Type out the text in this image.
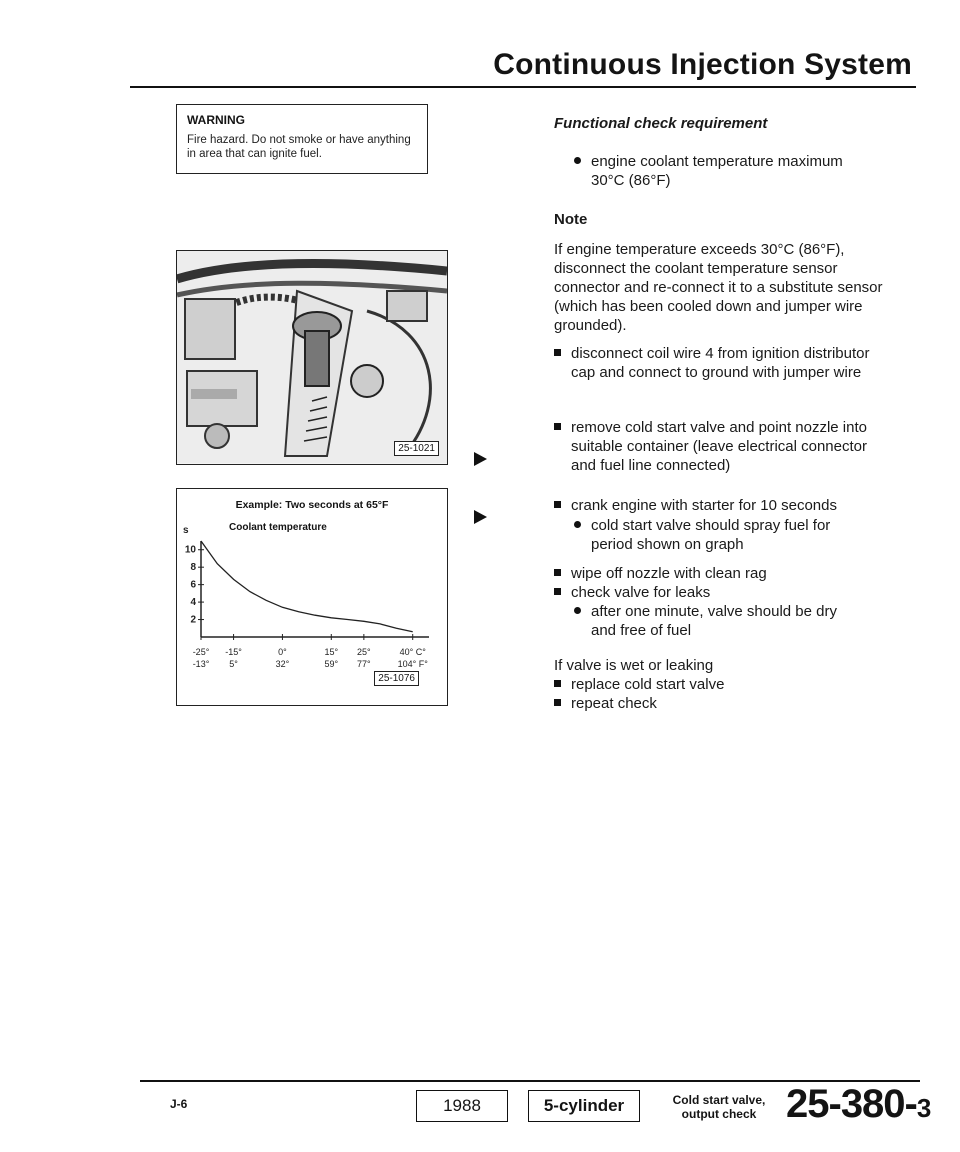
Continuous Injection System
WARNING
Fire hazard. Do not smoke or have anything in area that can ignite fuel.
25-1021
Example: Two seconds at 65°F
Coolant temperature
s
10
8
6
4
2
-25°
-13°
-15°
5°
0°
32°
15°
59°
25°
77°
40° C°
104° F°
25-1076
Functional check requirement
engine coolant temperature maximum 30°C (86°F)
Note
If engine temperature exceeds 30°C (86°F), disconnect the coolant temperature sensor connector and re-connect it to a substitute sensor (which has been cooled down and jumper wire grounded).
disconnect coil wire 4 from ignition distributor cap and connect to ground with jumper wire
remove cold start valve and point nozzle into suitable container (leave electrical connector and fuel line connected)
crank engine with starter for 10 seconds
cold start valve should spray fuel for period shown on graph
wipe off nozzle with clean rag
check valve for leaks
after one minute, valve should be dry and free of fuel
If valve is wet or leaking
replace cold start valve
repeat check
J-6	1988	5-cylinder	Cold start valve,
output check 25-380-3
